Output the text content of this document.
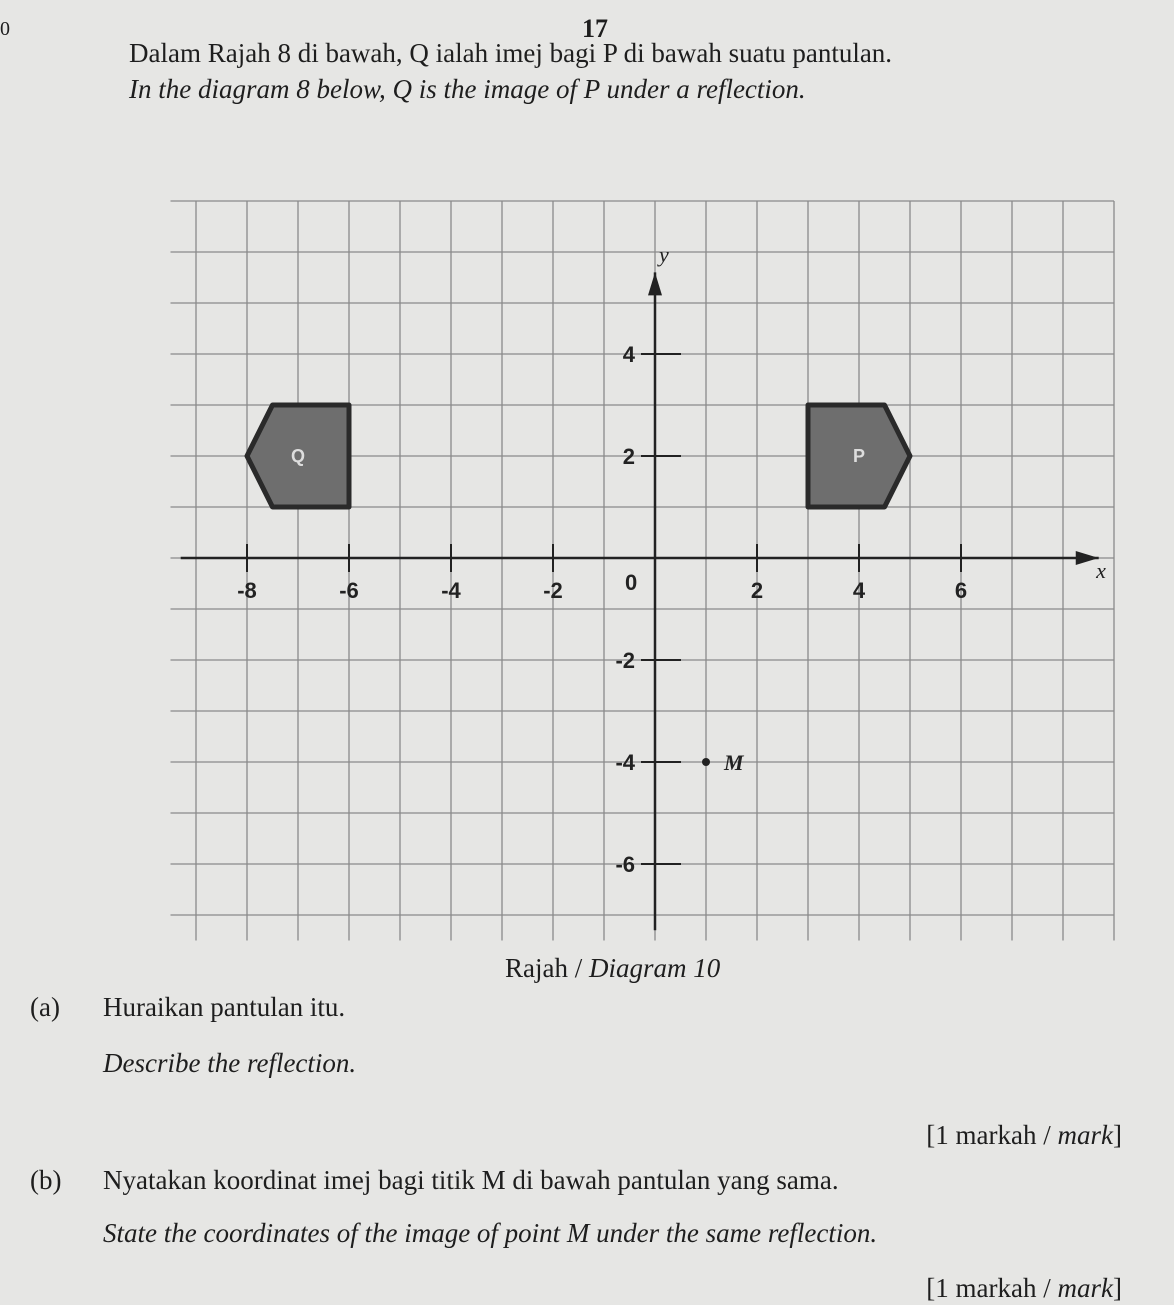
0	17
Dalam Rajah 8 di bawah, Q ialah imej bagi P di bawah suatu pantulan.
In the diagram 8 below, Q is the image of P under a reflection.
x
y
0
-8	-6	-4	-2	2	4	6
4
2
-2
-4
-6
Q	P
M
Rajah / Diagram 10
(a) Huraikan pantulan itu.
Describe the reflection.
[1 markah / mark]
(b) Nyatakan koordinat imej bagi titik M di bawah pantulan yang sama.
State the coordinates of the image of point M under the same reflection.
[1 markah / mark]
